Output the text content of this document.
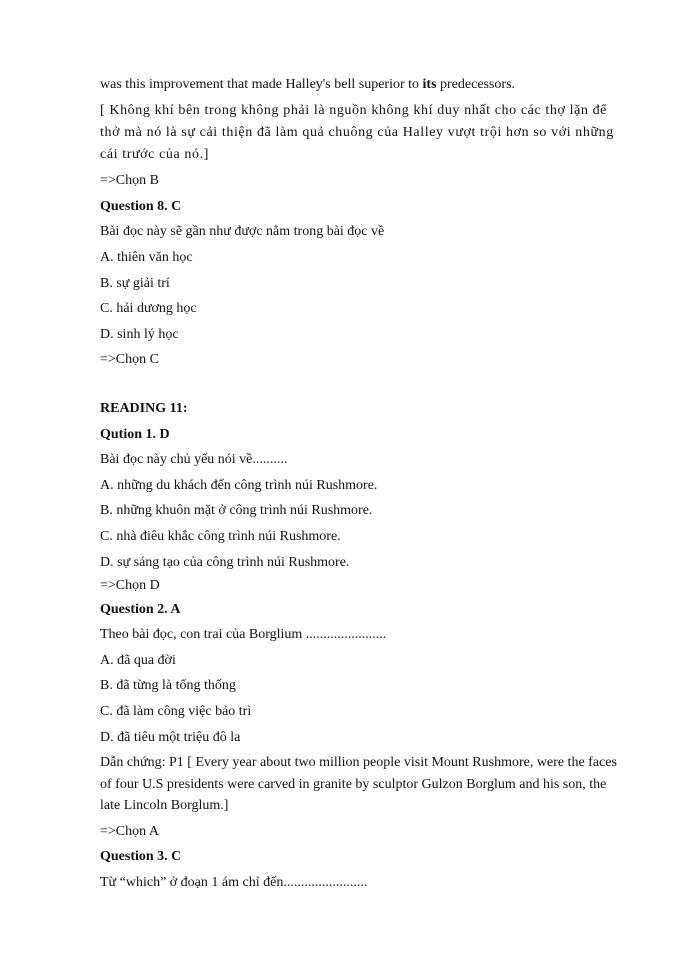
was this improvement that made Halley's bell superior to its predecessors.

[ Không khí bên trong không phải là nguồn không khí duy nhất cho các thợ lặn để thở mà nó là sự cải thiện đã làm quả chuông của Halley vượt trội hơn so với những cái trước của nó.]

=>Chọn B
Question 8. C
Bài đọc này sẽ gần như được nằm trong bài đọc về
A. thiên văn học
B. sự giải trí
C. hải dương học
D. sinh lý học
=>Chọn C
READING 11:
Qution 1. D
Bài đọc này chủ yếu nói về..........
A. những du khách đến công trình núi Rushmore.
B. những khuôn mặt ở công trình núi Rushmore.
C. nhà điêu khắc công trình núi Rushmore.
D. sự sáng tạo của công trình núi Rushmore.
=>Chọn D
Question 2. A
Theo bài đọc, con trai của Borglium .......................
A. đã qua đời
B. đã từng là tổng thống
C. đã làm công việc bảo trì
D. đã tiêu một triệu đô la

Dẫn chứng: P1 [ Every year about two million people visit Mount Rushmore, were the faces of four U.S presidents were carved in granite by sculptor Gulzon Borglum and his son, the late Lincoln Borglum.]

=>Chọn A
Question 3. C
Từ “which” ở đoạn 1 ám chỉ đến........................
